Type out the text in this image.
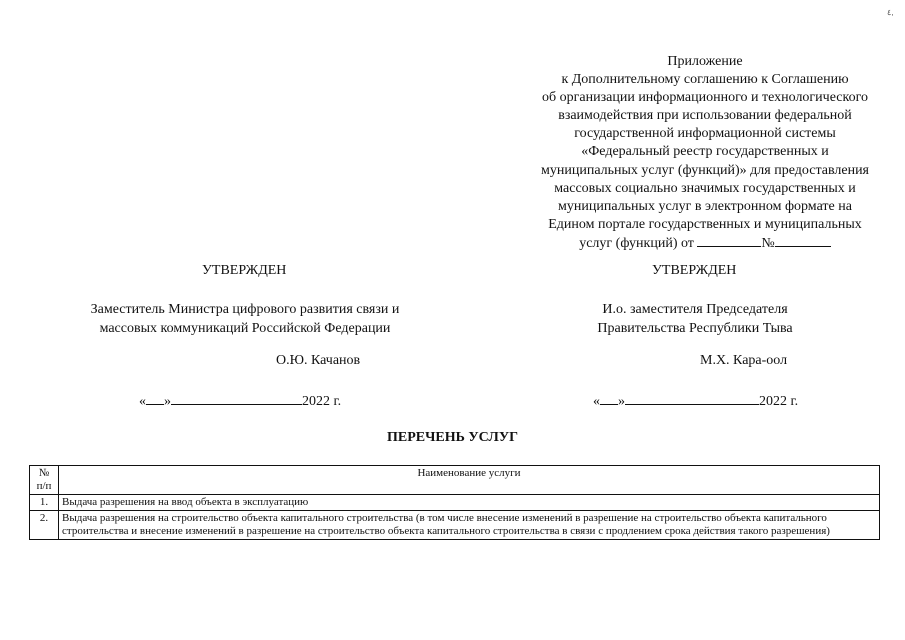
٤,
Приложение
к Дополнительному соглашению к Соглашению
об организации информационного и технологического
взаимодействия при использовании федеральной
государственной информационной системы
«Федеральный реестр государственных и
муниципальных услуг (функций)» для предоставления
массовых социально значимых государственных и
муниципальных услуг в электронном формате на
Едином портале государственных и муниципальных
услуг (функций) от	№
УТВЕРЖДЕН	УТВЕРЖДЕН
Заместитель Министра цифрового развития связи и
массовых коммуникаций Российской Федерации
И.о. заместителя Председателя
Правительства Республики Тыва
О.Ю. Качанов	М.Х. Кара-оол
« »	2022 г.	« »	2022 г.
ПЕРЕЧЕНЬ УСЛУГ
№ п/п	Наименование услуги
1.	Выдача разрешения на ввод объекта в эксплуатацию
2.	Выдача разрешения на строительство объекта капитального строительства (в том числе внесение изменений в разрешение на строительство объекта капитального строительства и внесение изменений в разрешение на строительство объекта капитального строительства в связи с продлением срока действия такого разрешения)
